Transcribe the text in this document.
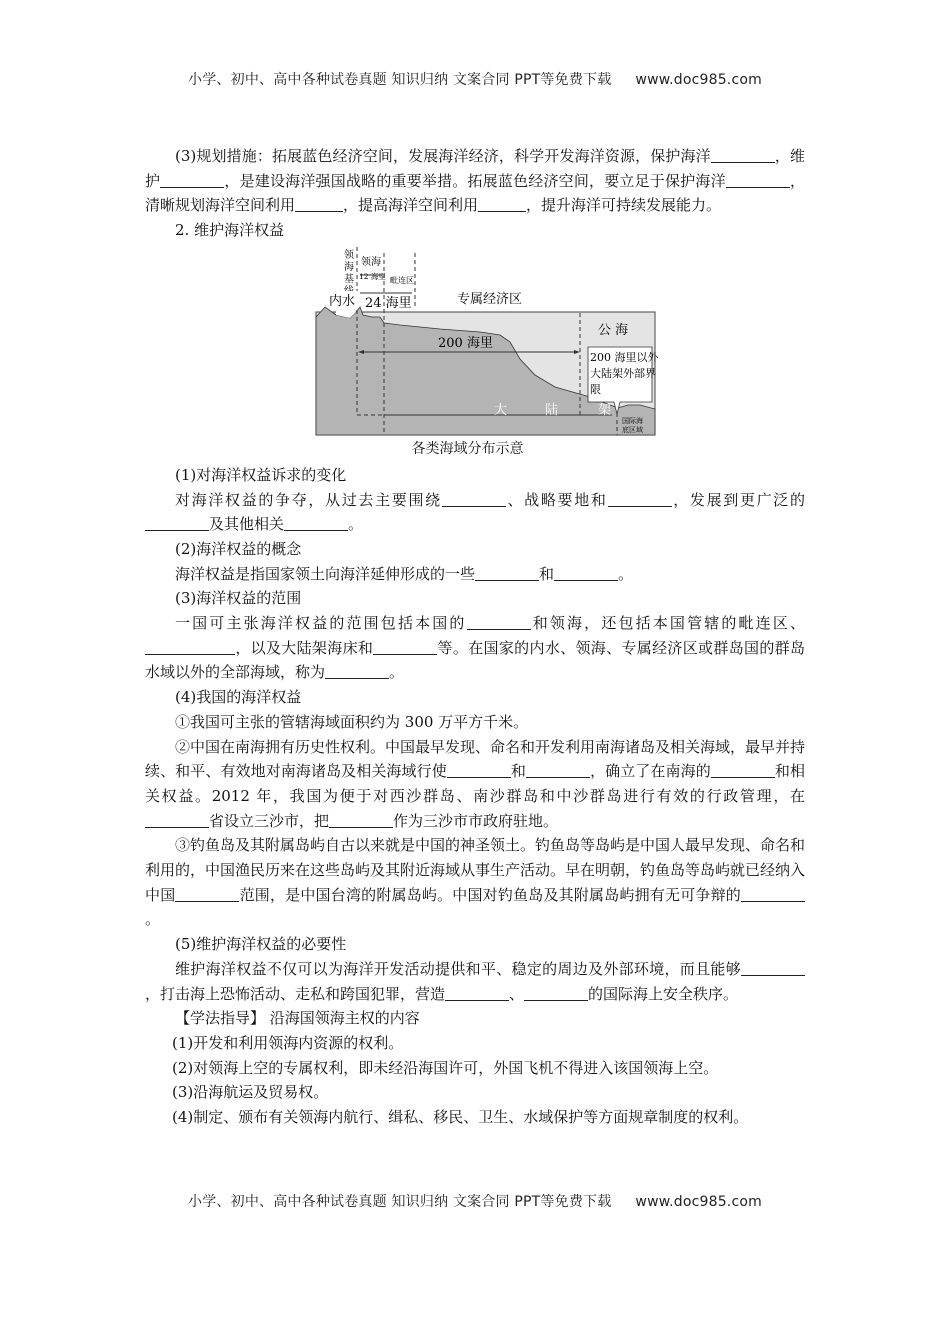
小学、初中、高中各种试卷真题 知识归纳 文案合同 PPT等免费下载 www.doc985.com

(3)规划措施：拓展蓝色经济空间，发展海洋经济，科学开发海洋资源，保护海洋	，维护	，是建设海洋强国战略的重要举措。拓展蓝色经济空间，要立足于保护海洋	，清晰规划海洋空间利用	，提高海洋空间利用	，提升海洋可持续发展能力。

2. 维护海洋权益

领
海
基
领海
12 海里 毗连区
内水 24 海里	专属经济区
公 海
200 海里
200 海里以外
大陆架外部界
限
大	陆	架
国际海
底区域
各类海域分布示意

(1)对海洋权益诉求的变化

对海洋权益的争夺，从过去主要围绕	、战略要地和	，发展到更广泛的及其他相关	。

(2)海洋权益的概念

海洋权益是指国家领土向海洋延伸形成的一些	和	。

(3)海洋权益的范围

一国可主张海洋权益的范围包括本国的	和领海，还包括本国管辖的毗连区、，以及大陆架海床和	等。在国家的内水、领海、专属经济区或群岛国的群岛水域以外的全部海域，称为	。

(4)我国的海洋权益

①我国可主张的管辖海域面积约为 300 万平方千米。

②中国在南海拥有历史性权利。中国最早发现、命名和开发利用南海诸岛及相关海域，最早并持续、和平、有效地对南海诸岛及相关海域行使	和	，确立了在南海的	和相关权益。2012 年，我国为便于对西沙群岛、南沙群岛和中沙群岛进行有效的行政管理，在省设立三沙市，把	作为三沙市市政府驻地。

③钓鱼岛及其附属岛屿自古以来就是中国的神圣领土。钓鱼岛等岛屿是中国人最早发现、命名和利用的，中国渔民历来在这些岛屿及其附近海域从事生产活动。早在明朝，钓鱼岛等岛屿就已经纳入中国	范围，是中国台湾的附属岛屿。中国对钓鱼岛及其附属岛屿拥有无可争辩的。

(5)维护海洋权益的必要性

维护海洋权益不仅可以为海洋开发活动提供和平、稳定的周边及外部环境，而且能够，打击海上恐怖活动、走私和跨国犯罪，营造	、	的国际海上安全秩序。

【学法指导】 沿海国领海主权的内容

(1)开发和利用领海内资源的权利。

(2)对领海上空的专属权利，即未经沿海国许可，外国飞机不得进入该国领海上空。

(3)沿海航运及贸易权。

(4)制定、颁布有关领海内航行、缉私、移民、卫生、水域保护等方面规章制度的权利。

小学、初中、高中各种试卷真题 知识归纳 文案合同 PPT等免费下载 www.doc985.com
